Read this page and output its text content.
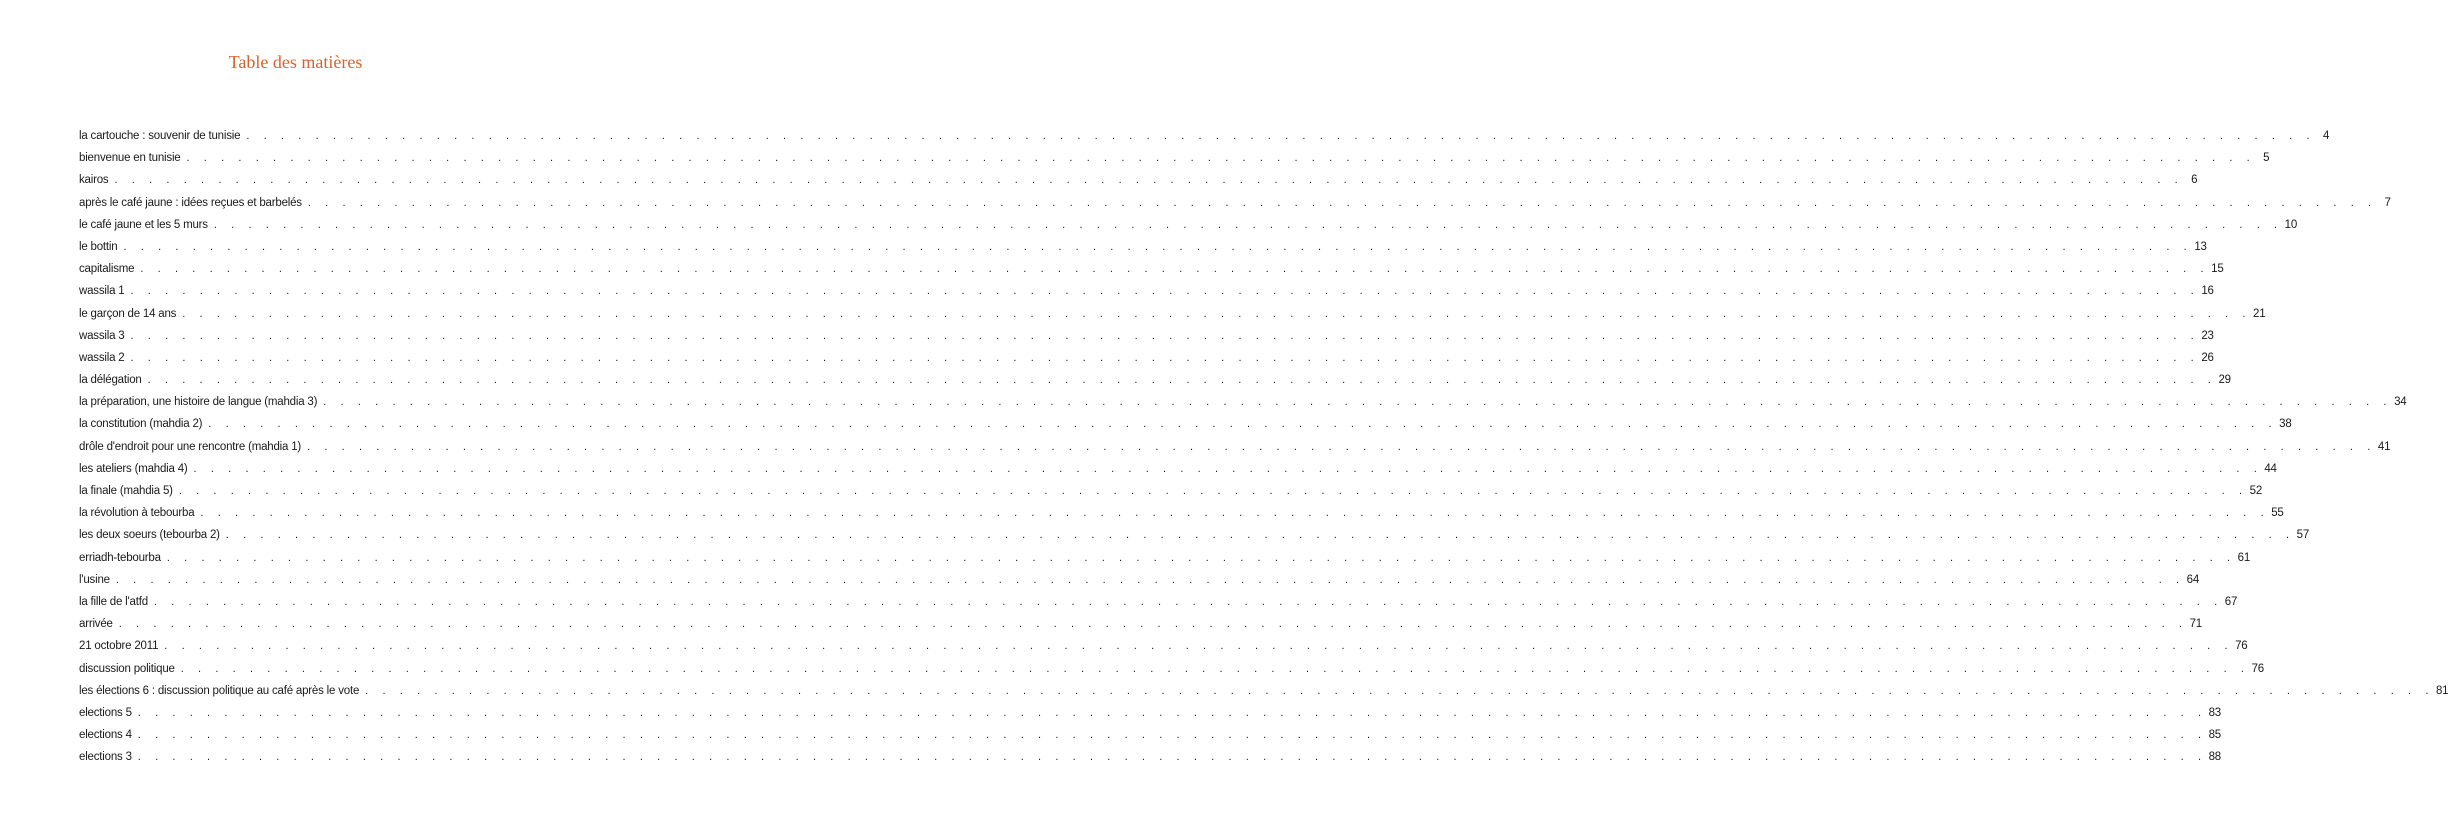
Table des matières
la cartouche : souvenir de tunisie . . . . . . . . . . . . . . . . . . . . . . . . . . . . . . . . . . . . . . . . . . . . . . . . . . . . . . . . . . . . . . . . . . . . . . . . . . . . . . . . . . . . . . . . . . . . . . . . . . . . . . . . . . . . . . . . . . . . . . . . 4
bienvenue en tunisie . . . . . . . . . . . . . . . . . . . . . . . . . . . . . . . . . . . . . . . . . . . . . . . . . . . . . . . . . . . . . . . . . . . . . . . . . . . . . . . . . . . . . . . . . . . . . . . . . . . . . . . . . . . . . . . . . . . . . . . . 5
kairos . . . . . . . . . . . . . . . . . . . . . . . . . . . . . . . . . . . . . . . . . . . . . . . . . . . . . . . . . . . . . . . . . . . . . . . . . . . . . . . . . . . . . . . . . . . . . . . . . . . . . . . . . . . . . . . . . . . . . . . . 6
après le café jaune : idées reçues et barbelés . . . . . . . . . . . . . . . . . . . . . . . . . . . . . . . . . . . . . . . . . . . . . . . . . . . . . . . . . . . . . . . . . . . . . . . . . . . . . . . . . . . . . . . . . . . . . . . . . . . . . . . . . . . . . . . . . . . . . . . . 7
le café jaune et les 5 murs . . . . . . . . . . . . . . . . . . . . . . . . . . . . . . . . . . . . . . . . . . . . . . . . . . . . . . . . . . . . . . . . . . . . . . . . . . . . . . . . . . . . . . . . . . . . . . . . . . . . . . . . . . . . . . . . . . . . . . . . 10
le bottin . . . . . . . . . . . . . . . . . . . . . . . . . . . . . . . . . . . . . . . . . . . . . . . . . . . . . . . . . . . . . . . . . . . . . . . . . . . . . . . . . . . . . . . . . . . . . . . . . . . . . . . . . . . . . . . . . . . . . . . . 13
capitalisme . . . . . . . . . . . . . . . . . . . . . . . . . . . . . . . . . . . . . . . . . . . . . . . . . . . . . . . . . . . . . . . . . . . . . . . . . . . . . . . . . . . . . . . . . . . . . . . . . . . . . . . . . . . . . . . . . . . . . . . . 15
wassila 1 . . . . . . . . . . . . . . . . . . . . . . . . . . . . . . . . . . . . . . . . . . . . . . . . . . . . . . . . . . . . . . . . . . . . . . . . . . . . . . . . . . . . . . . . . . . . . . . . . . . . . . . . . . . . . . . . . . . . . . . . 16
le garçon de 14 ans . . . . . . . . . . . . . . . . . . . . . . . . . . . . . . . . . . . . . . . . . . . . . . . . . . . . . . . . . . . . . . . . . . . . . . . . . . . . . . . . . . . . . . . . . . . . . . . . . . . . . . . . . . . . . . . . . . . . . . . . 21
wassila 3 . . . . . . . . . . . . . . . . . . . . . . . . . . . . . . . . . . . . . . . . . . . . . . . . . . . . . . . . . . . . . . . . . . . . . . . . . . . . . . . . . . . . . . . . . . . . . . . . . . . . . . . . . . . . . . . . . . . . . . . . 23
wassila 2 . . . . . . . . . . . . . . . . . . . . . . . . . . . . . . . . . . . . . . . . . . . . . . . . . . . . . . . . . . . . . . . . . . . . . . . . . . . . . . . . . . . . . . . . . . . . . . . . . . . . . . . . . . . . . . . . . . . . . . . . 26
la délégation . . . . . . . . . . . . . . . . . . . . . . . . . . . . . . . . . . . . . . . . . . . . . . . . . . . . . . . . . . . . . . . . . . . . . . . . . . . . . . . . . . . . . . . . . . . . . . . . . . . . . . . . . . . . . . . . . . . . . . . . 29
la préparation, une histoire de langue (mahdia 3) . . . . . . . . . . . . . . . . . . . . . . . . . . . . . . . . . . . . . . . . . . . . . . . . . . . . . . . . . . . . . . . . . . . . . . . . . . . . . . . . . . . . . . . . . . . . . . . . . . . . . . . . . . . . . . . . . . . . . . . . 34
la constitution (mahdia 2) . . . . . . . . . . . . . . . . . . . . . . . . . . . . . . . . . . . . . . . . . . . . . . . . . . . . . . . . . . . . . . . . . . . . . . . . . . . . . . . . . . . . . . . . . . . . . . . . . . . . . . . . . . . . . . . . . . . . . . . . 38
drôle d'endroit pour une rencontre (mahdia 1) . . . . . . . . . . . . . . . . . . . . . . . . . . . . . . . . . . . . . . . . . . . . . . . . . . . . . . . . . . . . . . . . . . . . . . . . . . . . . . . . . . . . . . . . . . . . . . . . . . . . . . . . . . . . . . . . . . . . . . . . 41
les ateliers (mahdia 4) . . . . . . . . . . . . . . . . . . . . . . . . . . . . . . . . . . . . . . . . . . . . . . . . . . . . . . . . . . . . . . . . . . . . . . . . . . . . . . . . . . . . . . . . . . . . . . . . . . . . . . . . . . . . . . . . . . . . . . . . 44
la finale (mahdia 5) . . . . . . . . . . . . . . . . . . . . . . . . . . . . . . . . . . . . . . . . . . . . . . . . . . . . . . . . . . . . . . . . . . . . . . . . . . . . . . . . . . . . . . . . . . . . . . . . . . . . . . . . . . . . . . . . . . . . . . . . 52
la révolution à tebourba . . . . . . . . . . . . . . . . . . . . . . . . . . . . . . . . . . . . . . . . . . . . . . . . . . . . . . . . . . . . . . . . . . . . . . . . . . . . . . . . . . . . . . . . . . . . . . . . . . . . . . . . . . . . . . . . . . . . . . . . 55
les deux soeurs (tebourba 2) . . . . . . . . . . . . . . . . . . . . . . . . . . . . . . . . . . . . . . . . . . . . . . . . . . . . . . . . . . . . . . . . . . . . . . . . . . . . . . . . . . . . . . . . . . . . . . . . . . . . . . . . . . . . . . . . . . . . . . . . 57
erriadh-tebourba . . . . . . . . . . . . . . . . . . . . . . . . . . . . . . . . . . . . . . . . . . . . . . . . . . . . . . . . . . . . . . . . . . . . . . . . . . . . . . . . . . . . . . . . . . . . . . . . . . . . . . . . . . . . . . . . . . . . . . . . 61
l'usine . . . . . . . . . . . . . . . . . . . . . . . . . . . . . . . . . . . . . . . . . . . . . . . . . . . . . . . . . . . . . . . . . . . . . . . . . . . . . . . . . . . . . . . . . . . . . . . . . . . . . . . . . . . . . . . . . . . . . . . . 64
la fille de l'atfd . . . . . . . . . . . . . . . . . . . . . . . . . . . . . . . . . . . . . . . . . . . . . . . . . . . . . . . . . . . . . . . . . . . . . . . . . . . . . . . . . . . . . . . . . . . . . . . . . . . . . . . . . . . . . . . . . . . . . . . . 67
arrivée . . . . . . . . . . . . . . . . . . . . . . . . . . . . . . . . . . . . . . . . . . . . . . . . . . . . . . . . . . . . . . . . . . . . . . . . . . . . . . . . . . . . . . . . . . . . . . . . . . . . . . . . . . . . . . . . . . . . . . . . 71
21 octobre 2011 . . . . . . . . . . . . . . . . . . . . . . . . . . . . . . . . . . . . . . . . . . . . . . . . . . . . . . . . . . . . . . . . . . . . . . . . . . . . . . . . . . . . . . . . . . . . . . . . . . . . . . . . . . . . . . . . . . . . . . . . 76
discussion politique . . . . . . . . . . . . . . . . . . . . . . . . . . . . . . . . . . . . . . . . . . . . . . . . . . . . . . . . . . . . . . . . . . . . . . . . . . . . . . . . . . . . . . . . . . . . . . . . . . . . . . . . . . . . . . . . . . . . . . . . 76
les élections 6 : discussion politique au café après le vote . . . . . . . . . . . . . . . . . . . . . . . . . . . . . . . . . . . . . . . . . . . . . . . . . . . . . . . . . . . . . . . . . . . . . . . . . . . . . . . . . . . . . . . . . . . . . . . . . . . . . . . . . . . . . . . . . . . . . . . . 81
elections 5 . . . . . . . . . . . . . . . . . . . . . . . . . . . . . . . . . . . . . . . . . . . . . . . . . . . . . . . . . . . . . . . . . . . . . . . . . . . . . . . . . . . . . . . . . . . . . . . . . . . . . . . . . . . . . . . . . . . . . . . . 83
elections 4 . . . . . . . . . . . . . . . . . . . . . . . . . . . . . . . . . . . . . . . . . . . . . . . . . . . . . . . . . . . . . . . . . . . . . . . . . . . . . . . . . . . . . . . . . . . . . . . . . . . . . . . . . . . . . . . . . . . . . . . . 85
elections 3 . . . . . . . . . . . . . . . . . . . . . . . . . . . . . . . . . . . . . . . . . . . . . . . . . . . . . . . . . . . . . . . . . . . . . . . . . . . . . . . . . . . . . . . . . . . . . . . . . . . . . . . . . . . . . . . . . . . . . . . . 88
